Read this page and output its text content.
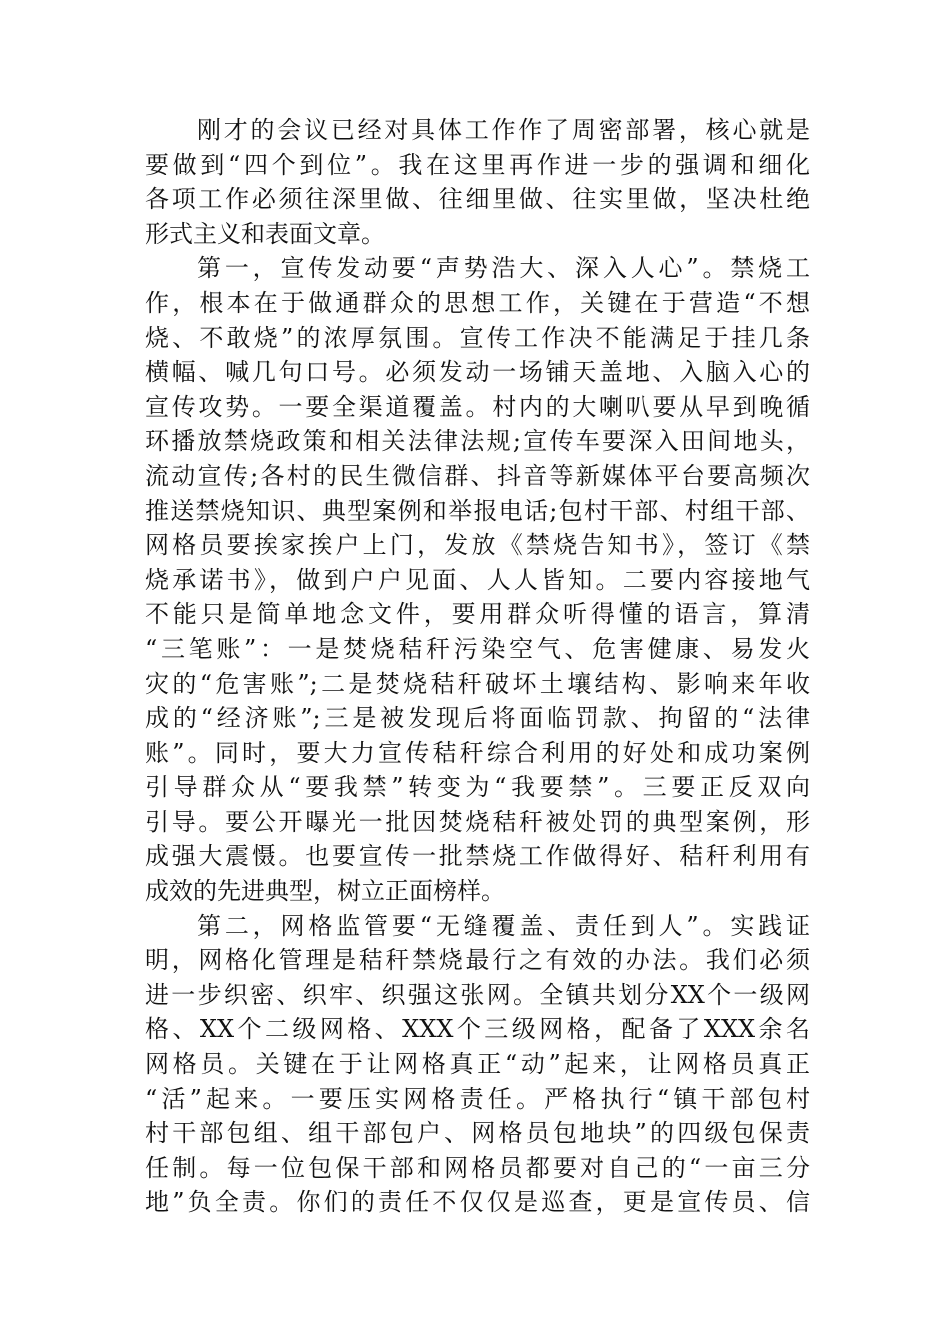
刚才的会议已经对具体工作作了周密部署，核心就是
要做到“四个到位”。我在这里再作进一步的强调和细化
各项工作必须往深里做、往细里做、往实里做，坚决杜绝
形式主义和表面文章。
第一，宣传发动要“声势浩大、深入人心”。禁烧工
作，根本在于做通群众的思想工作，关键在于营造“不想
烧、不敢烧”的浓厚氛围。宣传工作决不能满足于挂几条
横幅、喊几句口号。必须发动一场铺天盖地、入脑入心的
宣传攻势。一要全渠道覆盖。村内的大喇叭要从早到晚循
环播放禁烧政策和相关法律法规;宣传车要深入田间地头，
流动宣传;各村的民生微信群、抖音等新媒体平台要高频次
推送禁烧知识、典型案例和举报电话;包村干部、村组干部、
网格员要挨家挨户上门，发放《禁烧告知书》，签订《禁
烧承诺书》，做到户户见面、人人皆知。二要内容接地气
不能只是简单地念文件，要用群众听得懂的语言，算清
“三笔账”：一是焚烧秸秆污染空气、危害健康、易发火
灾的“危害账”;二是焚烧秸秆破坏土壤结构、影响来年收
成的“经济账”;三是被发现后将面临罚款、拘留的“法律
账”。同时，要大力宣传秸秆综合利用的好处和成功案例
引导群众从“要我禁”转变为“我要禁”。三要正反双向
引导。要公开曝光一批因焚烧秸秆被处罚的典型案例，形
成强大震慑。也要宣传一批禁烧工作做得好、秸秆利用有
成效的先进典型，树立正面榜样。
第二，网格监管要“无缝覆盖、责任到人”。实践证
明，网格化管理是秸秆禁烧最行之有效的办法。我们必须
进一步织密、织牢、织强这张网。全镇共划分XX个一级网
格、XX个二级网格、XXX个三级网格，配备了XXX余名
网格员。关键在于让网格真正“动”起来，让网格员真正
“活”起来。一要压实网格责任。严格执行“镇干部包村
村干部包组、组干部包户、网格员包地块”的四级包保责
任制。每一位包保干部和网格员都要对自己的“一亩三分
地”负全责。你们的责任不仅仅是巡查，更是宣传员、信
